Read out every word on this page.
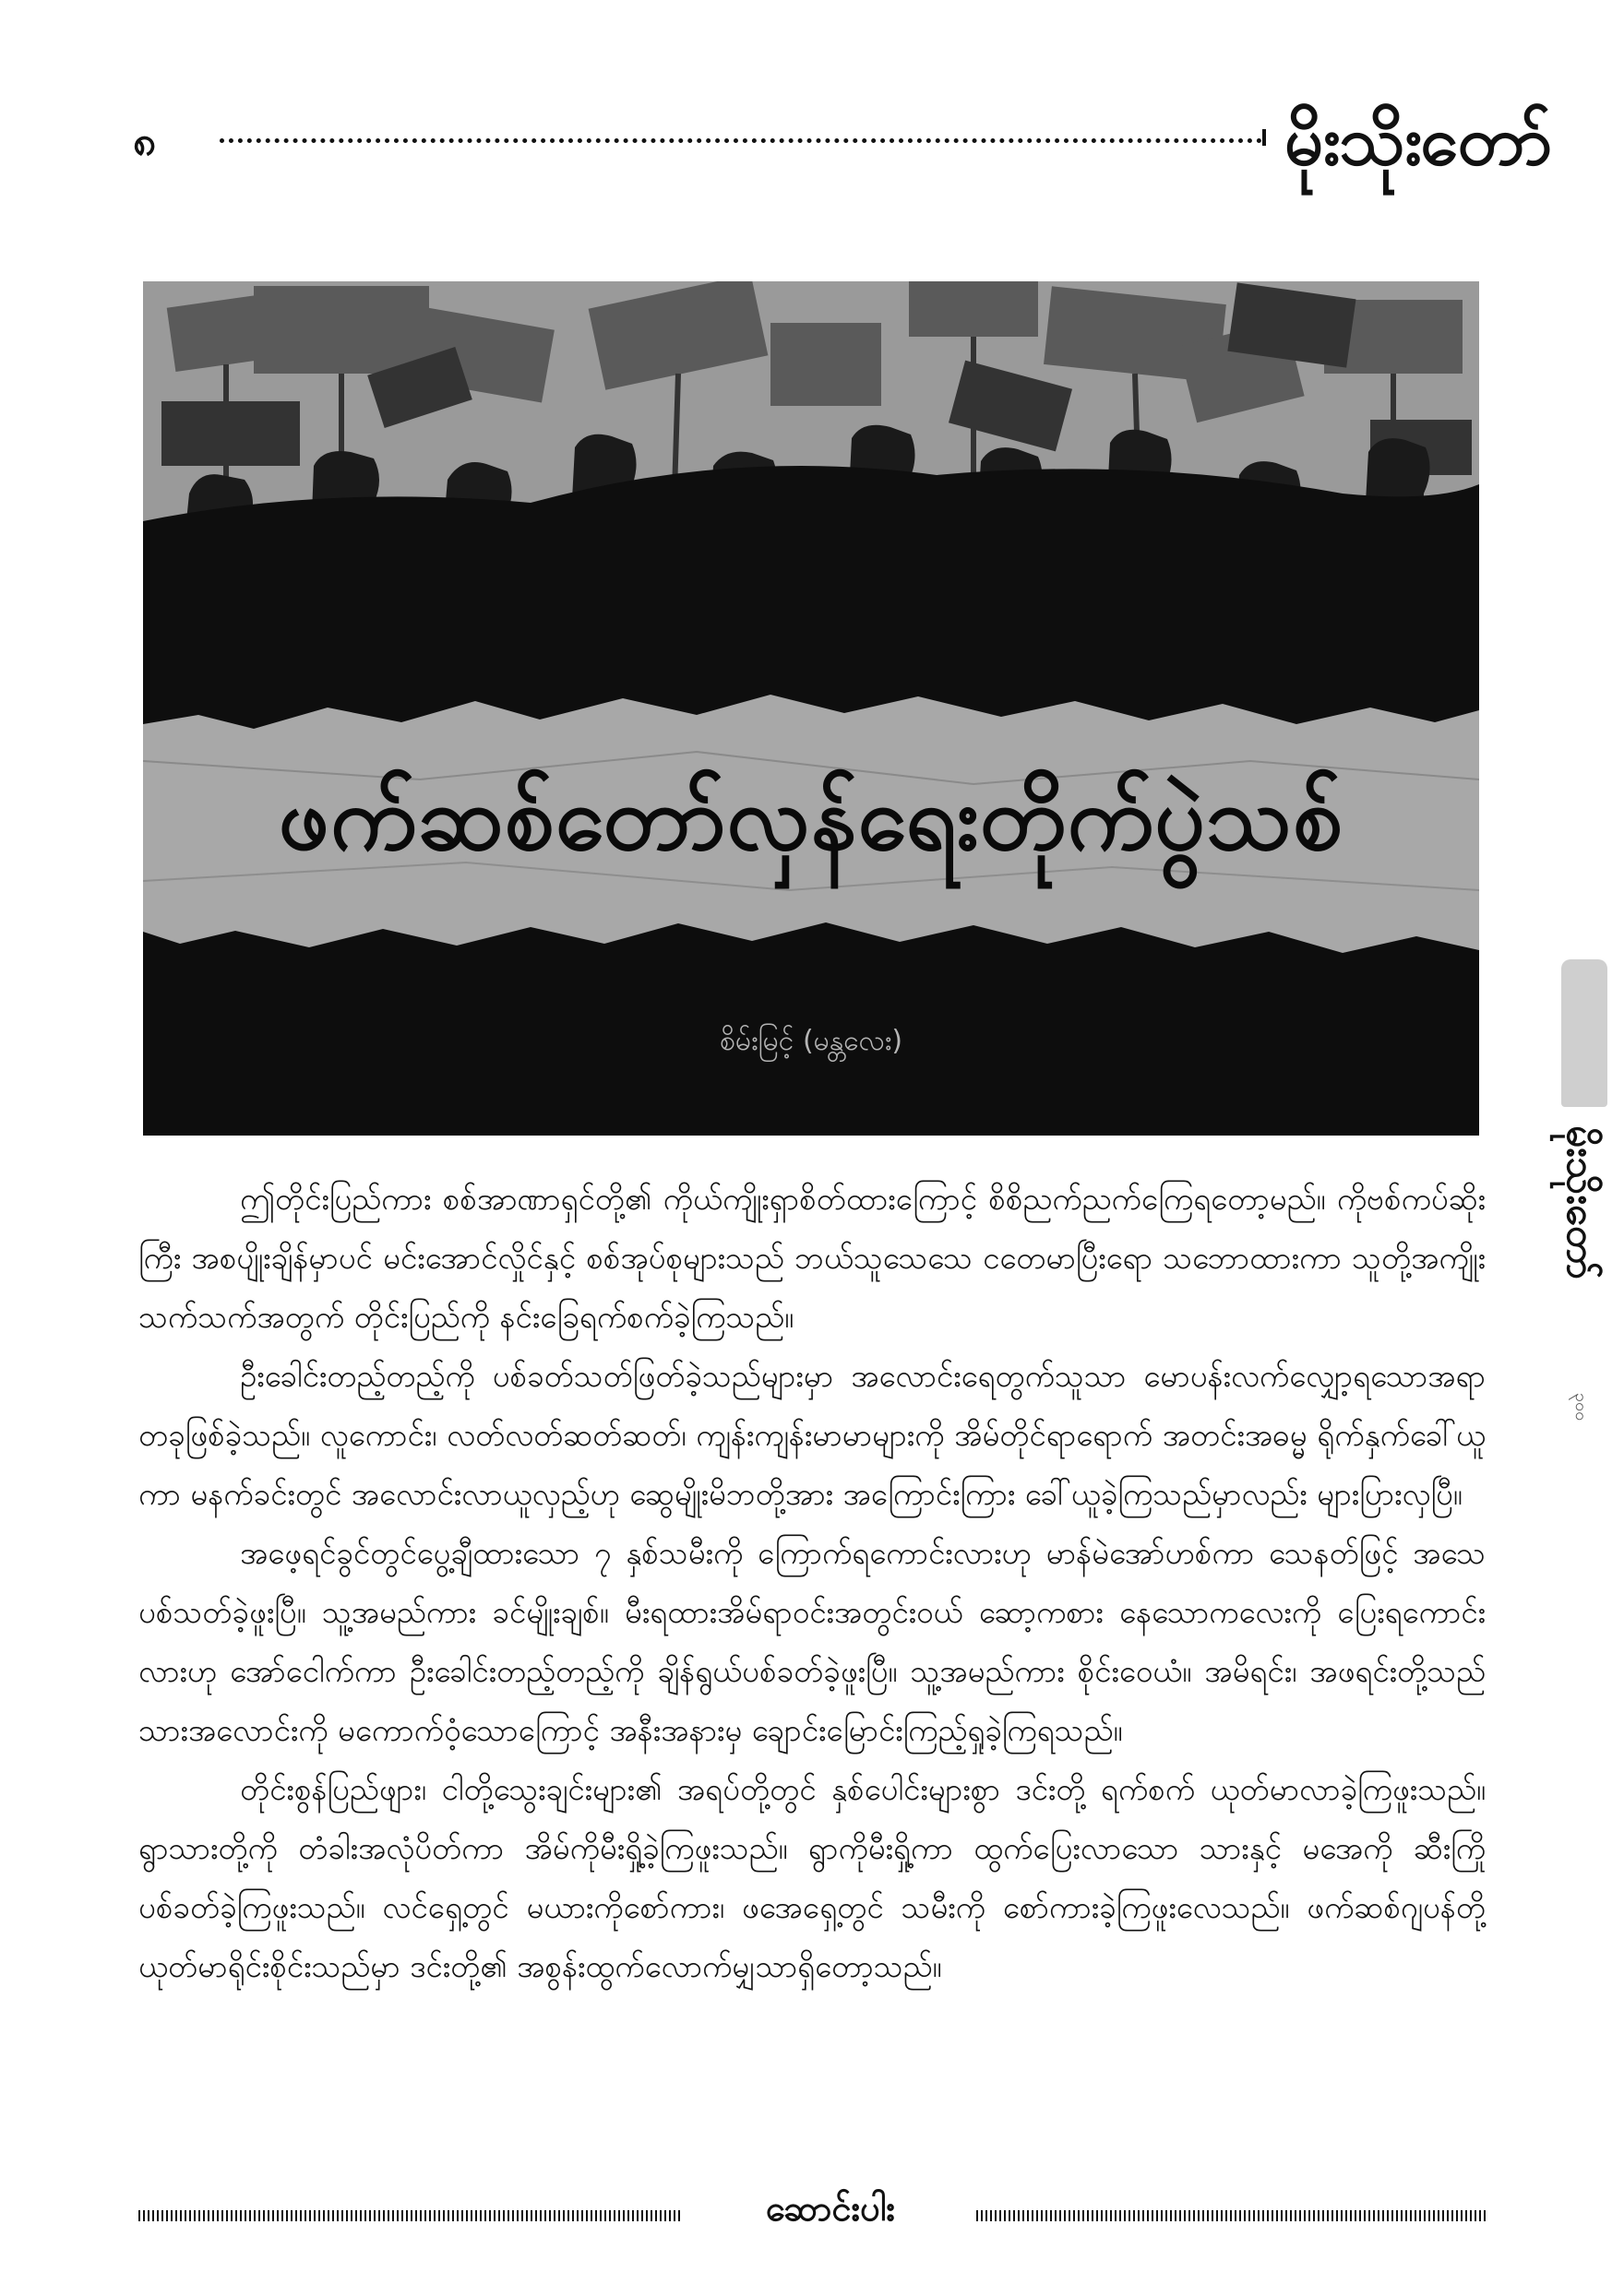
၈	မိုးသိုးတော်
ဖက်ဆစ်တော်လှန်ရေးတိုက်ပွဲသစ်
စိမ်းမြင့် (မန္တလေး)
မိုးသိုးတော်
၃၀၀

ဤတိုင်းပြည်ကား စစ်အာဏာရှင်တို့၏ ကိုယ်ကျိုးရှာစိတ်ထားကြောင့် စိစိညက်ညက်ကြေရတော့မည်။ ကိုဗစ်ကပ်ဆိုးကြီး အစပျိုးချိန်မှာပင် မင်းအောင်လှိုင်နှင့် စစ်အုပ်စုများသည် ဘယ်သူသေသေ ငတေမာပြီးရော သဘောထားကာ သူတို့အကျိုးသက်သက်အတွက် တိုင်းပြည်ကို နင်းခြေရက်စက်ခဲ့ကြသည်။

ဦးခေါင်းတည့်တည့်ကို ပစ်ခတ်သတ်ဖြတ်ခဲ့သည်များမှာ အလောင်းရေတွက်သူသာ မောပန်းလက်လျှော့ရသောအရာ တခုဖြစ်ခဲ့သည်။ လူကောင်း၊ လတ်လတ်ဆတ်ဆတ်၊ ကျန်းကျန်းမာမာများကို အိမ်တိုင်ရာရောက် အတင်းအဓမ္မ ရိုက်နှက်ခေါ်ယူကာ မနက်ခင်းတွင် အလောင်းလာယူလှည့်ဟု ဆွေမျိုးမိဘတို့အား အကြောင်းကြား ခေါ်ယူခဲ့ကြသည်မှာလည်း များပြားလှပြီ။

အဖေ့ရင်ခွင်တွင်ပွေ့ချီထားသော ၇ နှစ်သမီးကို ကြောက်ရကောင်းလားဟု မာန်မဲအော်ဟစ်ကာ သေနတ်ဖြင့် အသေပစ်သတ်ခဲ့ဖူးပြီ။ သူ့အမည်ကား ခင်မျိုးချစ်။ မီးရထားအိမ်ရာဝင်းအတွင်းဝယ် ဆော့ကစား နေသောကလေးကို ပြေးရကောင်းလားဟု အော်ငေါက်ကာ ဦးခေါင်းတည့်တည့်ကို ချိန်ရွယ်ပစ်ခတ်ခဲ့ဖူးပြီ။ သူ့အမည်ကား စိုင်းဝေယံ။ အမိရင်း၊ အဖရင်းတို့သည် သားအလောင်းကို မကောက်ဝံ့သောကြောင့် အနီးအနားမှ ချောင်းမြောင်းကြည့်ရှုခဲ့ကြရသည်။

တိုင်းစွန်ပြည်ဖျား၊ ငါတို့သွေးချင်းများ၏ အရပ်တို့တွင် နှစ်ပေါင်းများစွာ ဒင်းတို့ ရက်စက် ယုတ်မာလာခဲ့ကြဖူးသည်။ ရွာသားတို့ကို တံခါးအလုံပိတ်ကာ အိမ်ကိုမီးရှို့ခဲ့ကြဖူးသည်။ ရွာကိုမီးရှို့ကာ ထွက်ပြေးလာသော သားနှင့် မအေကို ဆီးကြို ပစ်ခတ်ခဲ့ကြဖူးသည်။ လင်ရှေ့တွင် မယားကိုစော်ကား၊ ဖအေရှေ့တွင် သမီးကို စော်ကားခဲ့ကြဖူးလေသည်။ ဖက်ဆစ်ဂျပန်တို့ ယုတ်မာရိုင်းစိုင်းသည်မှာ ဒင်းတို့၏ အစွန်းထွက်လောက်မျှသာရှိတော့သည်။

ဆောင်းပါး
